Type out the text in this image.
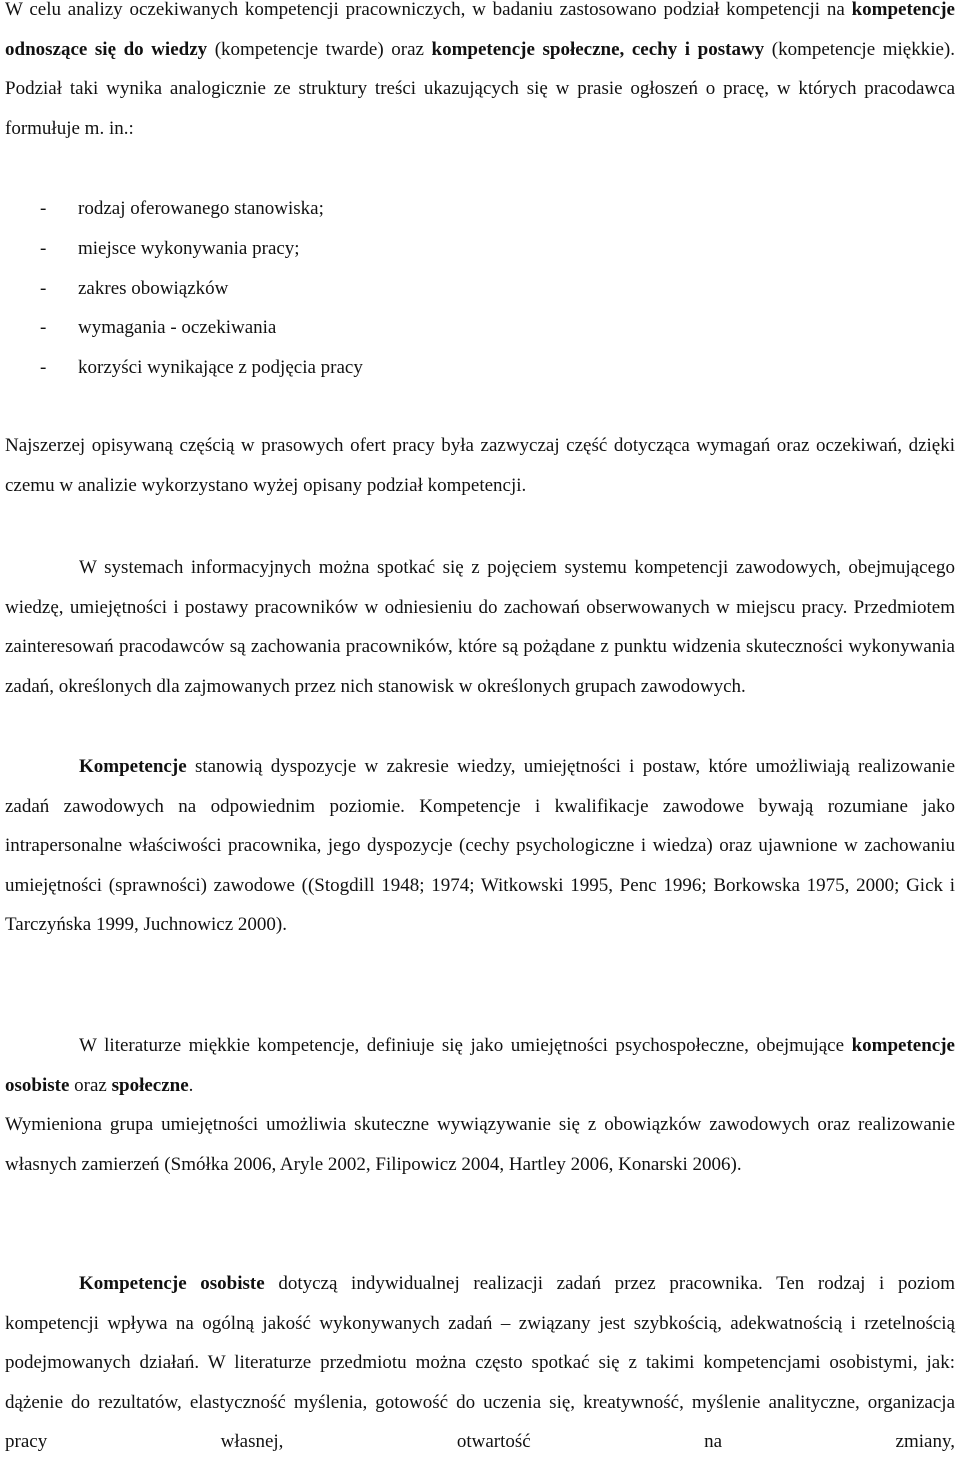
W celu analizy oczekiwanych kompetencji pracowniczych, w badaniu zastosowano podział kompetencji na kompetencje odnoszące się do wiedzy (kompetencje twarde) oraz kompetencje społeczne, cechy i postawy (kompetencje miękkie). Podział taki wynika analogicznie ze struktury treści ukazujących się w prasie ogłoszeń o pracę, w których pracodawca formułuje m. in.:

- rodzaj oferowanego stanowiska;
- miejsce wykonywania pracy;
- zakres obowiązków
- wymagania - oczekiwania
- korzyści wynikające z podjęcia pracy

Najszerzej opisywaną częścią w prasowych ofert pracy była zazwyczaj część dotycząca wymagań oraz oczekiwań, dzięki czemu w analizie wykorzystano wyżej opisany podział kompetencji.

W systemach informacyjnych można spotkać się z pojęciem systemu kompetencji zawodowych, obejmującego wiedzę, umiejętności i postawy pracowników w odniesieniu do zachowań obserwowanych w miejscu pracy. Przedmiotem zainteresowań pracodawców są zachowania pracowników, które są pożądane z punktu widzenia skuteczności wykonywania zadań, określonych dla zajmowanych przez nich stanowisk w określonych grupach zawodowych.

Kompetencje stanowią dyspozycje w zakresie wiedzy, umiejętności i postaw, które umożliwiają realizowanie zadań zawodowych na odpowiednim poziomie. Kompetencje i kwalifikacje zawodowe bywają rozumiane jako intrapersonalne właściwości pracownika, jego dyspozycje (cechy psychologiczne i wiedza) oraz ujawnione w zachowaniu umiejętności (sprawności) zawodowe ((Stogdill 1948; 1974; Witkowski 1995, Penc 1996; Borkowska 1975, 2000; Gick i Tarczyńska 1999, Juchnowicz 2000).

W literaturze miękkie kompetencje, definiuje się jako umiejętności psychospołeczne, obejmujące kompetencje osobiste oraz społeczne.

Wymieniona grupa umiejętności umożliwia skuteczne wywiązywanie się z obowiązków zawodowych oraz realizowanie własnych zamierzeń (Smółka 2006, Aryle 2002, Filipowicz 2004, Hartley 2006, Konarski 2006).

Kompetencje osobiste dotyczą indywidualnej realizacji zadań przez pracownika. Ten rodzaj i poziom kompetencji wpływa na ogólną jakość wykonywanych zadań – związany jest szybkością, adekwatnością i rzetelnością podejmowanych działań. W literaturze przedmiotu można często spotkać się z takimi kompetencjami osobistymi, jak: dążenie do rezultatów, elastyczność myślenia, gotowość do uczenia się, kreatywność, myślenie analityczne, organizacja pracy własnej, otwartość na zmiany,
